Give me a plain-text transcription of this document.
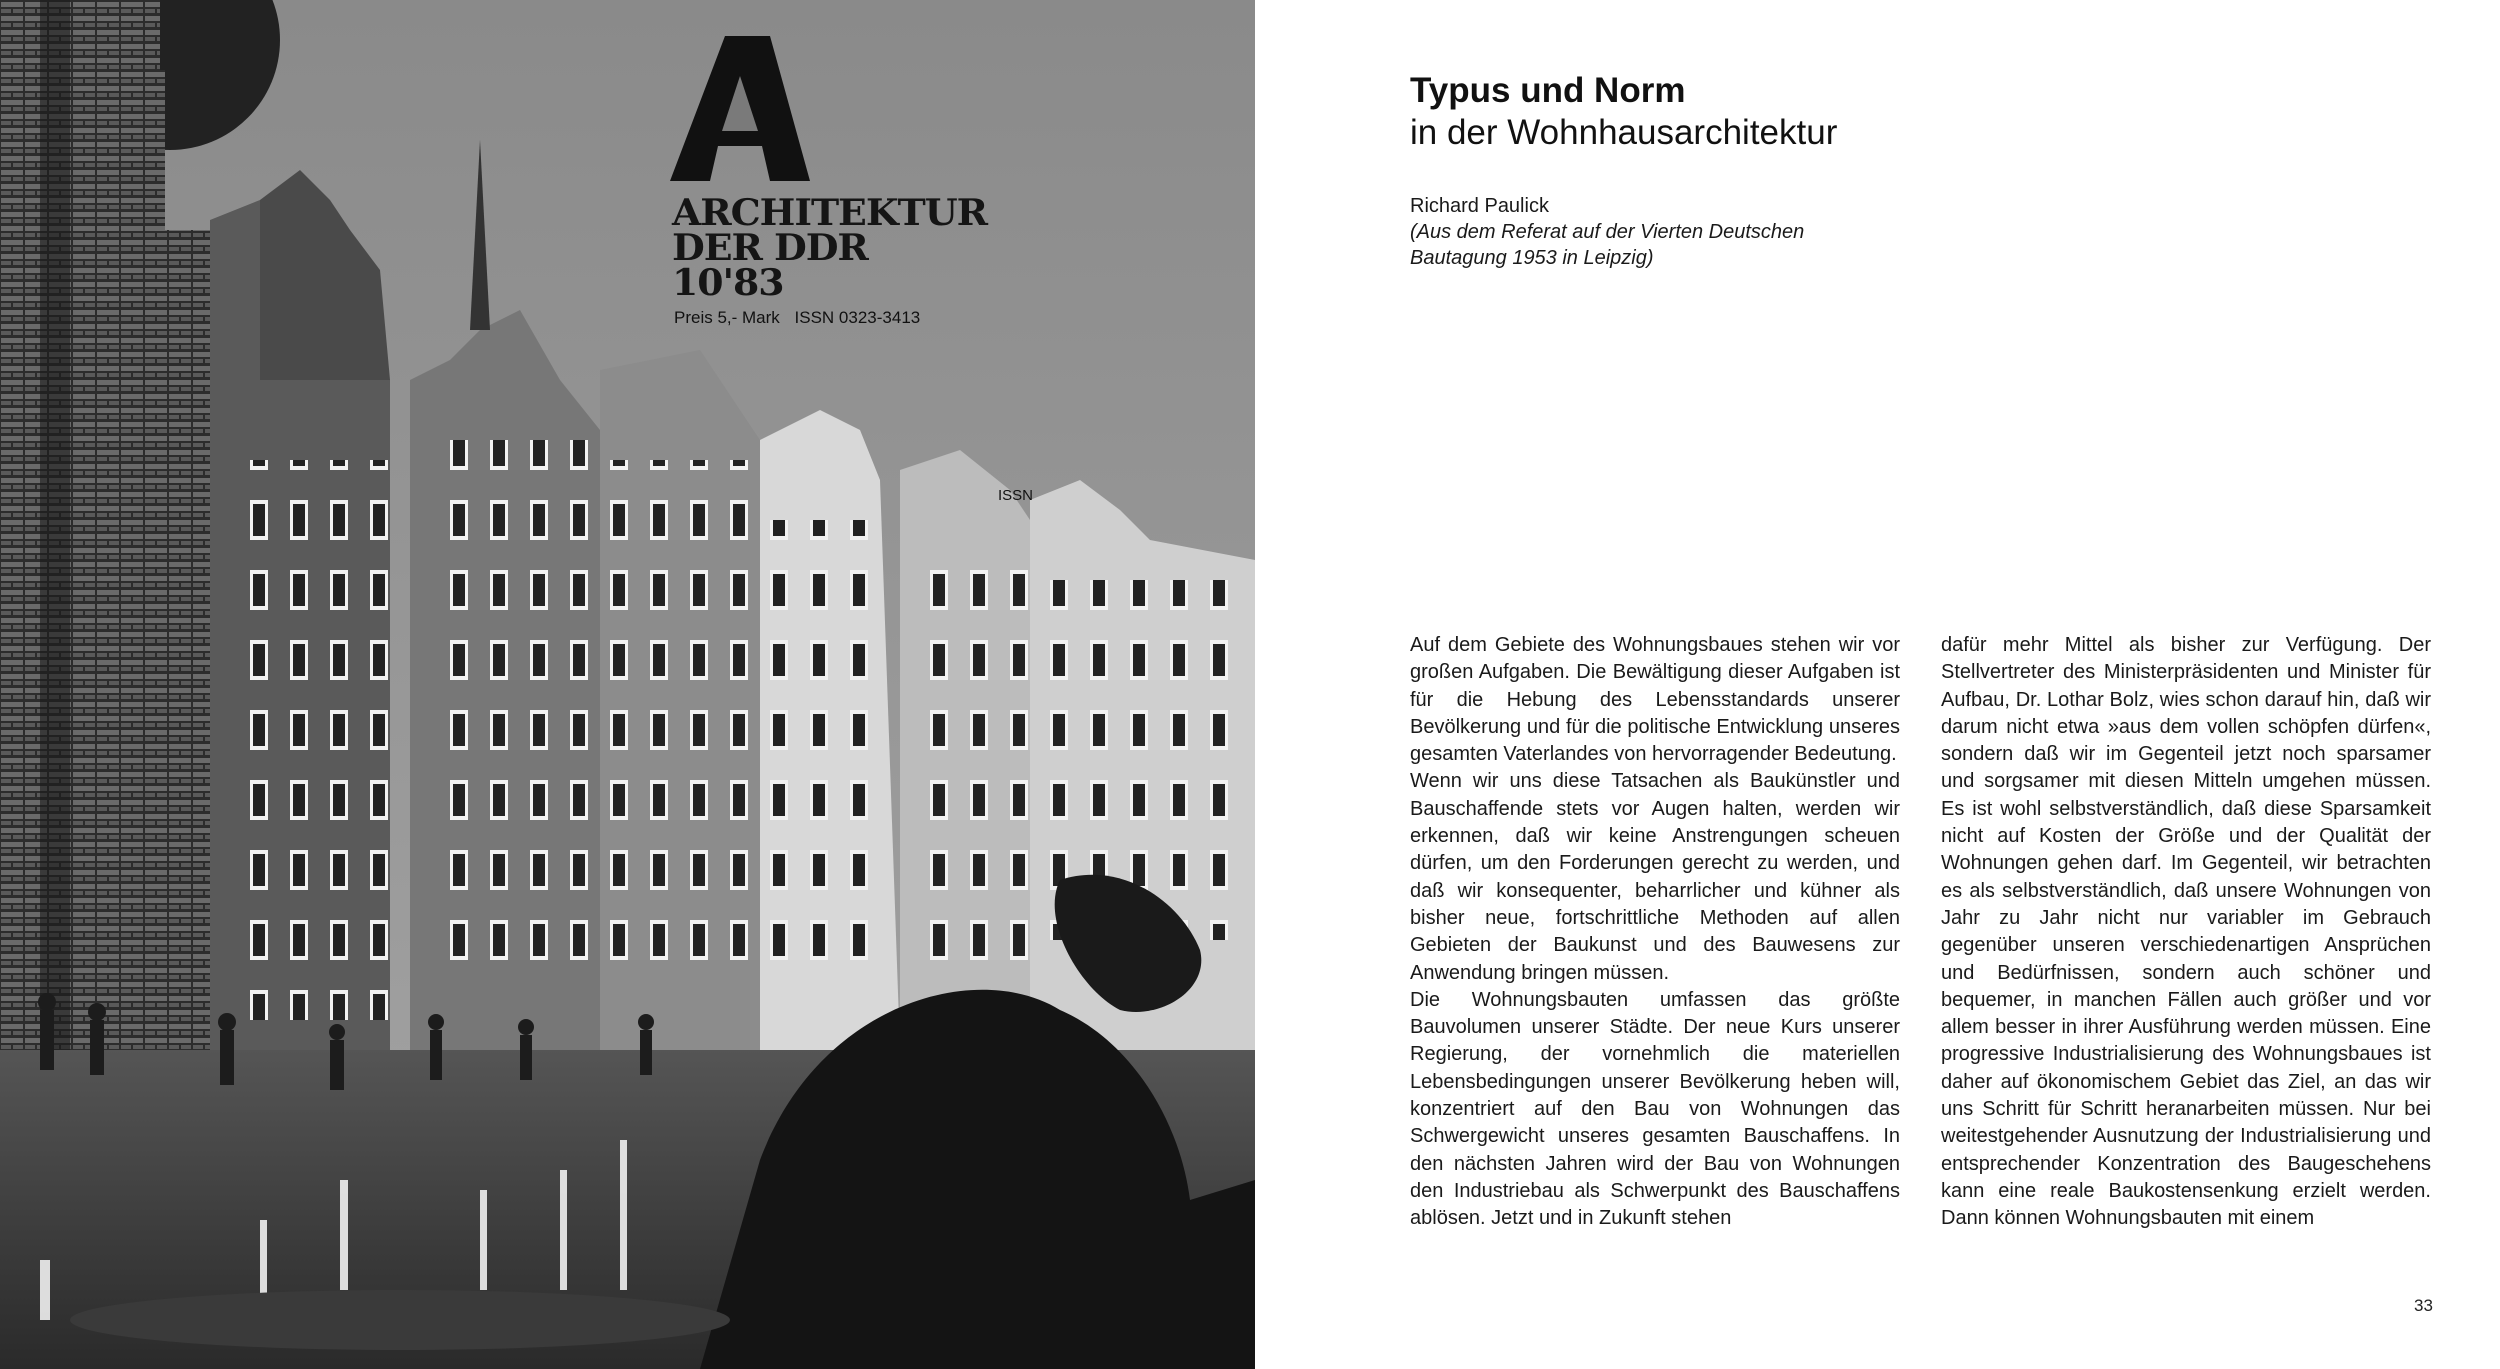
ARCHITEKTUR
DER DDR
10'83
Preis 5,- Mark ISSN 0323-3413
ISSN
Typus und Norm
in der Wohnhausarchitektur
Richard Paulick
(Aus dem Referat auf der Vierten Deutschen Bautagung 1953 in Leipzig)

Auf dem Gebiete des Wohnungsbaues stehen wir vor großen Aufgaben. Die Bewältigung dieser Aufgaben ist für die Hebung des Lebensstandards unserer Bevölkerung und für die politische Entwicklung unseres gesamten Vaterlandes von hervorragender Bedeutung.

Wenn wir uns diese Tatsachen als Baukünstler und Bauschaffende stets vor Augen halten, werden wir erkennen, daß wir keine Anstrengungen scheuen dürfen, um den Forderungen gerecht zu werden, und daß wir konsequenter, beharrlicher und kühner als bisher neue, fortschrittliche Methoden auf allen Gebieten der Baukunst und des Bauwesens zur Anwendung bringen müssen.

Die Wohnungsbauten umfassen das größte Bauvolumen unserer Städte. Der neue Kurs unserer Regierung, der vornehmlich die materiellen Lebensbedingungen unserer Bevölkerung heben will, konzentriert auf den Bau von Wohnungen das Schwergewicht unseres gesamten Bauschaffens. In den nächsten Jahren wird der Bau von Wohnungen den Industriebau als Schwerpunkt des Bauschaffens ablösen. Jetzt und in Zukunft stehen

dafür mehr Mittel als bisher zur Verfügung. Der Stellvertreter des Ministerpräsidenten und Minister für Aufbau, Dr. Lothar Bolz, wies schon darauf hin, daß wir darum nicht etwa »aus dem vollen schöpfen dürfen«, sondern daß wir im Gegenteil jetzt noch sparsamer und sorgsamer mit diesen Mitteln umgehen müssen. Es ist wohl selbstverständlich, daß diese Sparsamkeit nicht auf Kosten der Größe und der Qualität der Wohnungen gehen darf. Im Gegenteil, wir betrachten es als selbstverständlich, daß unsere Wohnungen von Jahr zu Jahr nicht nur variabler im Gebrauch gegenüber unseren verschiedenartigen Ansprüchen und Bedürfnissen, sondern auch schöner und bequemer, in manchen Fällen auch größer und vor allem besser in ihrer Ausführung werden müssen. Eine progressive Industrialisierung des Wohnungsbaues ist daher auf ökonomischem Gebiet das Ziel, an das wir uns Schritt für Schritt heranarbeiten müssen. Nur bei weitestgehender Ausnutzung der Industrialisierung und entsprechender Konzentration des Baugeschehens kann eine reale Baukostensenkung erzielt werden. Dann können Wohnungsbauten mit einem

33
